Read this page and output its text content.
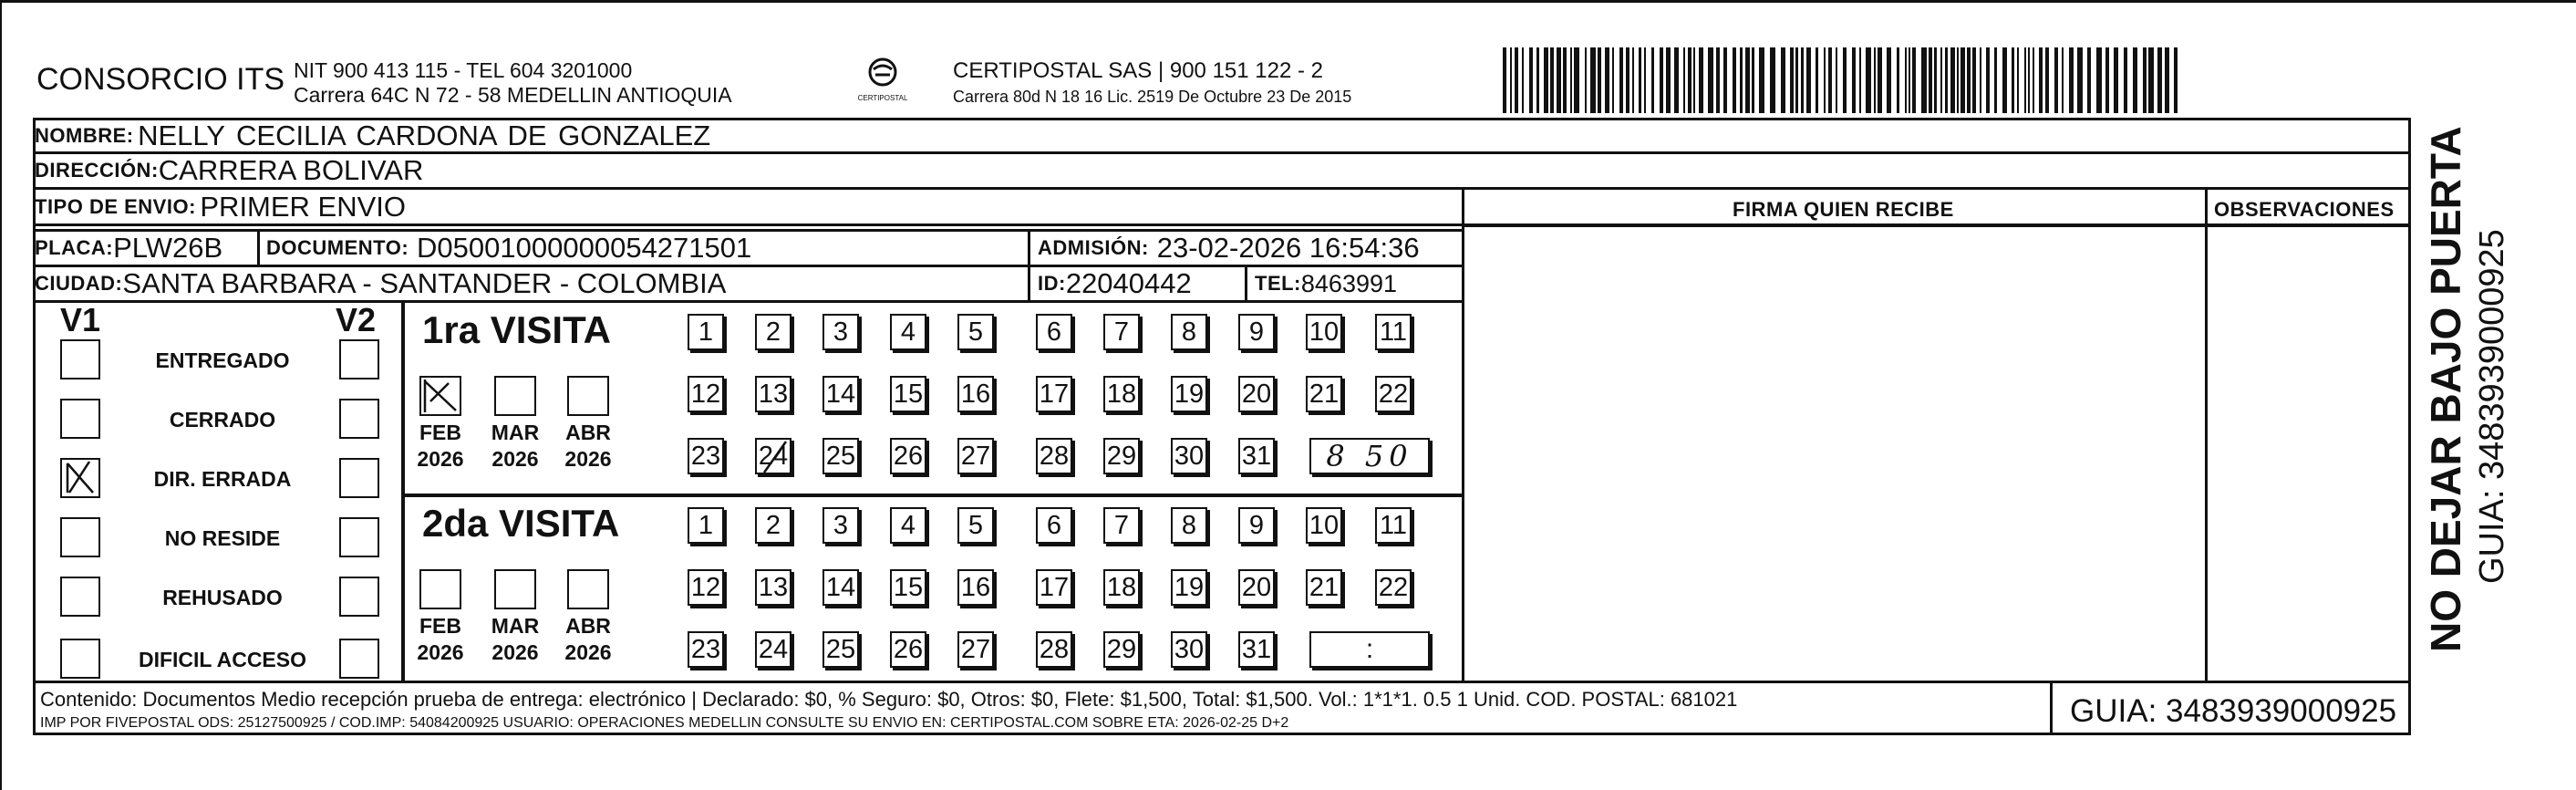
CONSORCIO ITS NIT 900 413 115 - TEL 604 3201000
Carrera 64C N 72 - 58 MEDELLIN ANTIOQUIA	CERTIPOSTAL
CERTIPOSTAL SAS | 900 151 122 - 2
Carrera 80d N 18 16 Lic. 2519 De Octubre 23 De 2015
NOMBRE:
NELLY CECILIA CARDONA DE GONZALEZ
DIRECCIÓN: CARRERA BOLIVAR
TIPO DE ENVIO:
PRIMER ENVIO	FIRMA QUIEN RECIBE	OBSERVACIONES
PLACA: PLW26B DOCUMENTO:
D05001000000054271501	ADMISIÓN:
23-02-2026 16:54:36
CIUDAD: SANTA BARBARA - SANTANDER - COLOMBIA	ID: 22040442	TEL: 8463991
V1	V2
ENTREGADO
CERRADO
DIR. ERRADA
NO RESIDE
REHUSADO
DIFICIL ACCESO
1ra VISITA
FEB
2026
MAR
2026
ABR
2026
1	2	3	4	5	6	7	8	9	10 11
12 13 14 15 16 17 18 19 20 21 22
23 24 25 26 27 28 29 30 31	8 50
2da VISITA
FEB
2026
MAR
2026
ABR
2026
1	2	3	4	5	6	7	8	9	10 11
12 13 14 15 16 17 18 19 20 21 22
23 24 25 26 27 28 29 30 31	:
Contenido: Documentos Medio recepción prueba de entrega: electrónico | Declarado: $0, % Seguro: $0, Otros: $0, Flete: $1,500, Total: $1,500. Vol.: 1*1*1. 0.5 1 Unid. COD. POSTAL: 681021
IMP POR FIVEPOSTAL ODS: 25127500925 / COD.IMP: 54084200925 USUARIO: OPERACIONES MEDELLIN CONSULTE SU ENVIO EN: CERTIPOSTAL.COM SOBRE ETA: 2026-02-25 D+2	GUIA: 3483939000925
NO DEJAR BAJO PUERTA GUIA: 3483939000925
